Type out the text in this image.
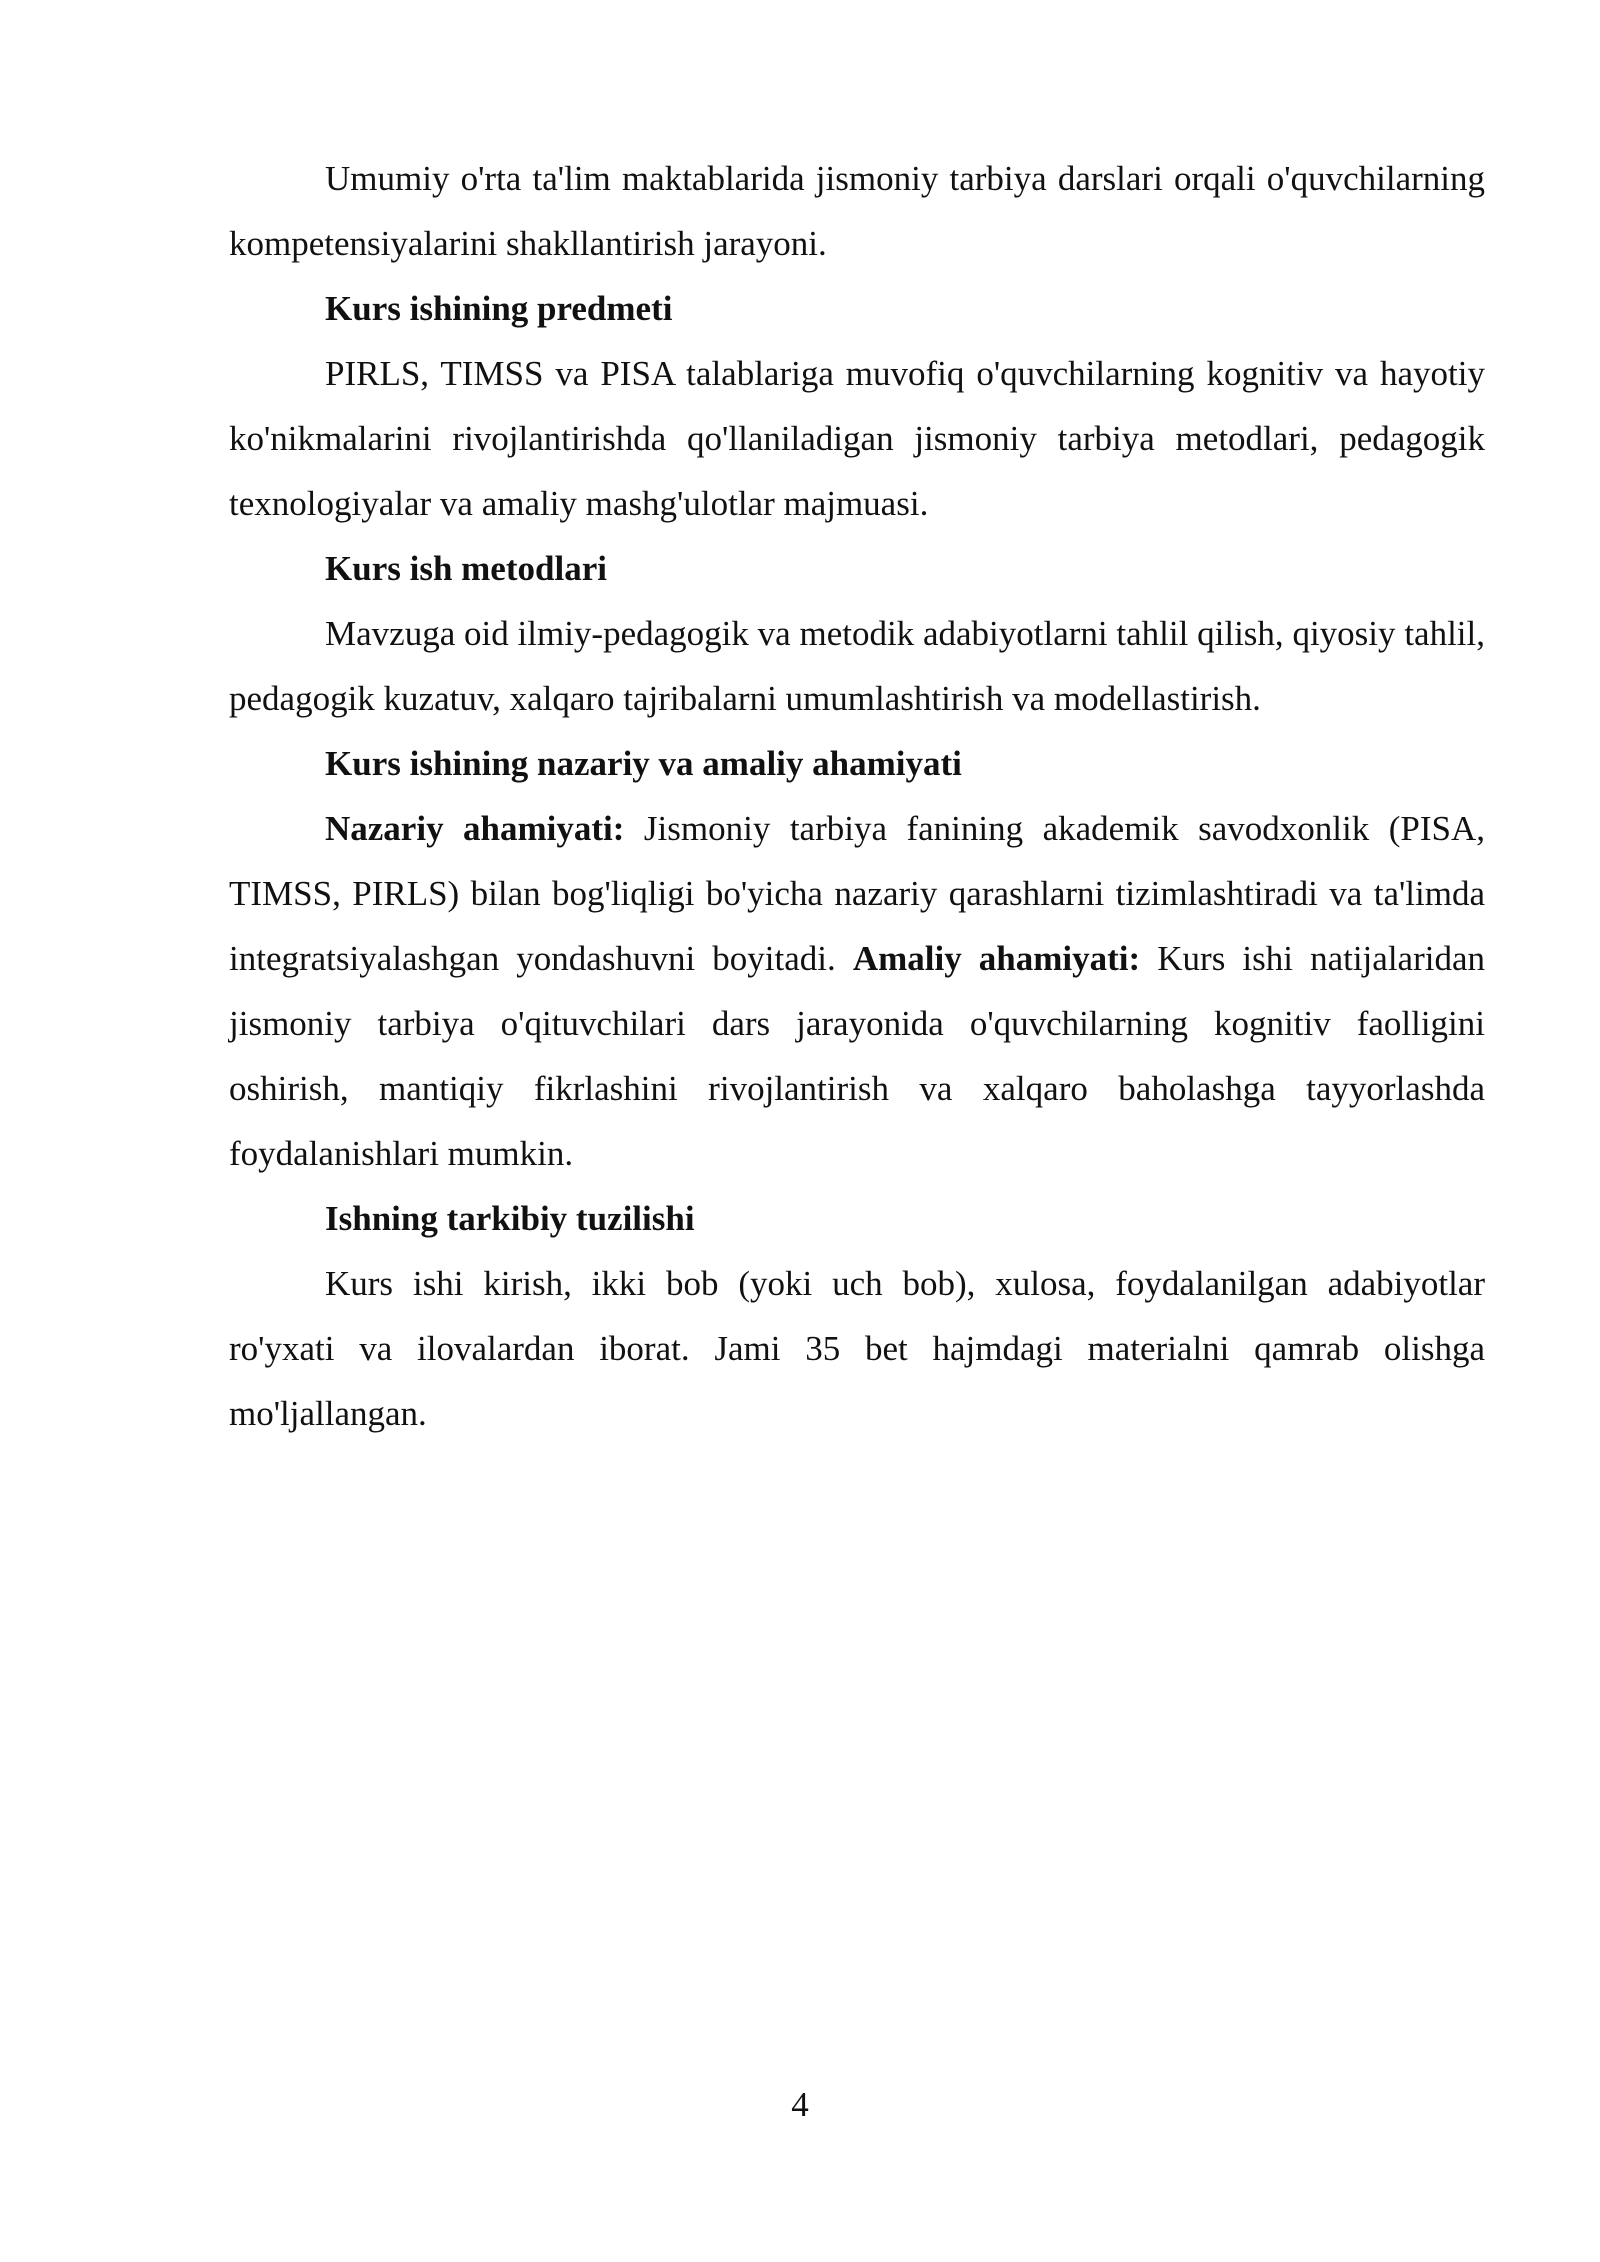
Umumiy o'rta ta'lim maktablarida jismoniy tarbiya darslari orqali o'quvchilarning kompetensiyalarini shakllantirish jarayoni.

Kurs ishining predmeti

PIRLS, TIMSS va PISA talablariga muvofiq o'quvchilarning kognitiv va hayotiy ko'nikmalarini rivojlantirishda qo'llaniladigan jismoniy tarbiya metodlari, pedagogik texnologiyalar va amaliy mashg'ulotlar majmuasi.

Kurs ish metodlari

Mavzuga oid ilmiy-pedagogik va metodik adabiyotlarni tahlil qilish, qiyosiy tahlil, pedagogik kuzatuv, xalqaro tajribalarni umumlashtirish va modellastirish.

Kurs ishining nazariy va amaliy ahamiyati

Nazariy ahamiyati: Jismoniy tarbiya fanining akademik savodxonlik (PISA, TIMSS, PIRLS) bilan bog'liqligi bo'yicha nazariy qarashlarni tizimlashtiradi va ta'limda integratsiyalashgan yondashuvni boyitadi. Amaliy ahamiyati: Kurs ishi natijalaridan jismoniy tarbiya o'qituvchilari dars jarayonida o'quvchilarning kognitiv faolligini oshirish, mantiqiy fikrlashini rivojlantirish va xalqaro baholashga tayyorlashda foydalanishlari mumkin.

Ishning tarkibiy tuzilishi

Kurs ishi kirish, ikki bob (yoki uch bob), xulosa, foydalanilgan adabiyotlar ro'yxati va ilovalardan iborat. Jami 35 bet hajmdagi materialni qamrab olishga mo'ljallangan.

4
